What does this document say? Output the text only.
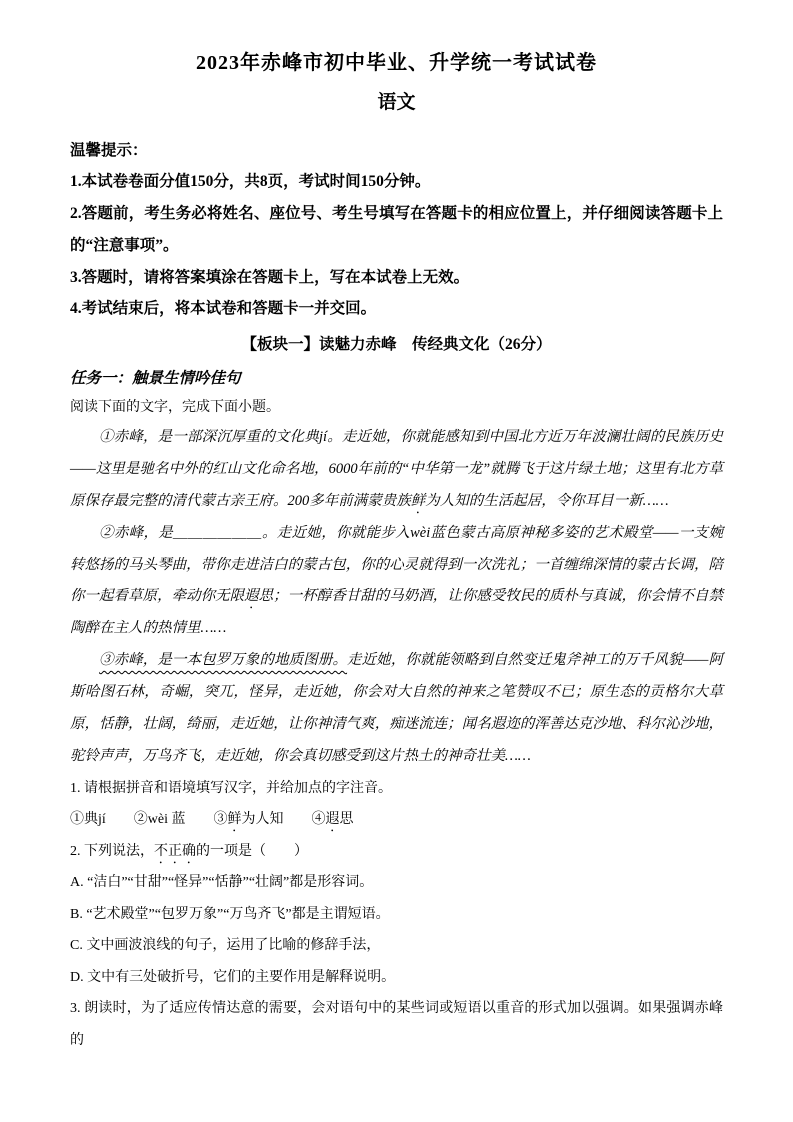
2023年赤峰市初中毕业、升学统一考试试卷
语文

温馨提示：

1.本试卷卷面分值150分，共8页，考试时间150分钟。

2.答题前，考生务必将姓名、座位号、考生号填写在答题卡的相应位置上，并仔细阅读答题卡上的“注意事项”。

3.答题时，请将答案填涂在答题卡上，写在本试卷上无效。

4.考试结束后，将本试卷和答题卡一并交回。

【板块一】读魅力赤峰　传经典文化（26分）

任务一：触景生情吟佳句

阅读下面的文字，完成下面小题。

①赤峰，是一部深沉厚重的文化典jí。走近她，你就能感知到中国北方近万年波澜壮阔的民族历史——这里是驰名中外的红山文化命名地，6000年前的“中华第一龙”就腾飞于这片绿土地；这里有北方草原保存最完整的清代蒙古亲王府。200多年前满蒙贵族鲜为人知的生活起居，令你耳目一新……

②赤峰，是＿＿＿＿＿＿。走近她，你就能步入wèi蓝色蒙古高原神秘多姿的艺术殿堂——一支婉转悠扬的马头琴曲，带你走进洁白的蒙古包，你的心灵就得到一次洗礼；一首缠绵深情的蒙古长调，陪你一起看草原，牵动你无限遐思；一杯醇香甘甜的马奶酒，让你感受牧民的质朴与真诚，你会情不自禁陶醉在主人的热情里……

③赤峰，是一本包罗万象的地质图册。走近她，你就能领略到自然变迁鬼斧神工的万千风貌——阿斯哈图石林，奇崛，突兀，怪异，走近她，你会对大自然的神来之笔赞叹不已；原生态的贡格尔大草原，恬静，壮阔，绮丽，走近她，让你神清气爽，痴迷流连；闻名遐迩的浑善达克沙地、科尔沁沙地，驼铃声声，万鸟齐飞，走近她，你会真切感受到这片热土的神奇壮美……

1. 请根据拼音和语境填写汉字，并给加点的字注音。

①典jí　　②wèi 蓝　　③鲜为人知　　④遐思

2. 下列说法，不正确的一项是（　　）

A. “洁白”“甘甜”“怪异”“恬静”“壮阔”都是形容词。

B. “艺术殿堂”“包罗万象”“万鸟齐飞”都是主谓短语。

C. 文中画波浪线的句子，运用了比喻的修辞手法，

D. 文中有三处破折号，它们的主要作用是解释说明。

3. 朗读时，为了适应传情达意的需要，会对语句中的某些词或短语以重音的形式加以强调。如果强调赤峰的
